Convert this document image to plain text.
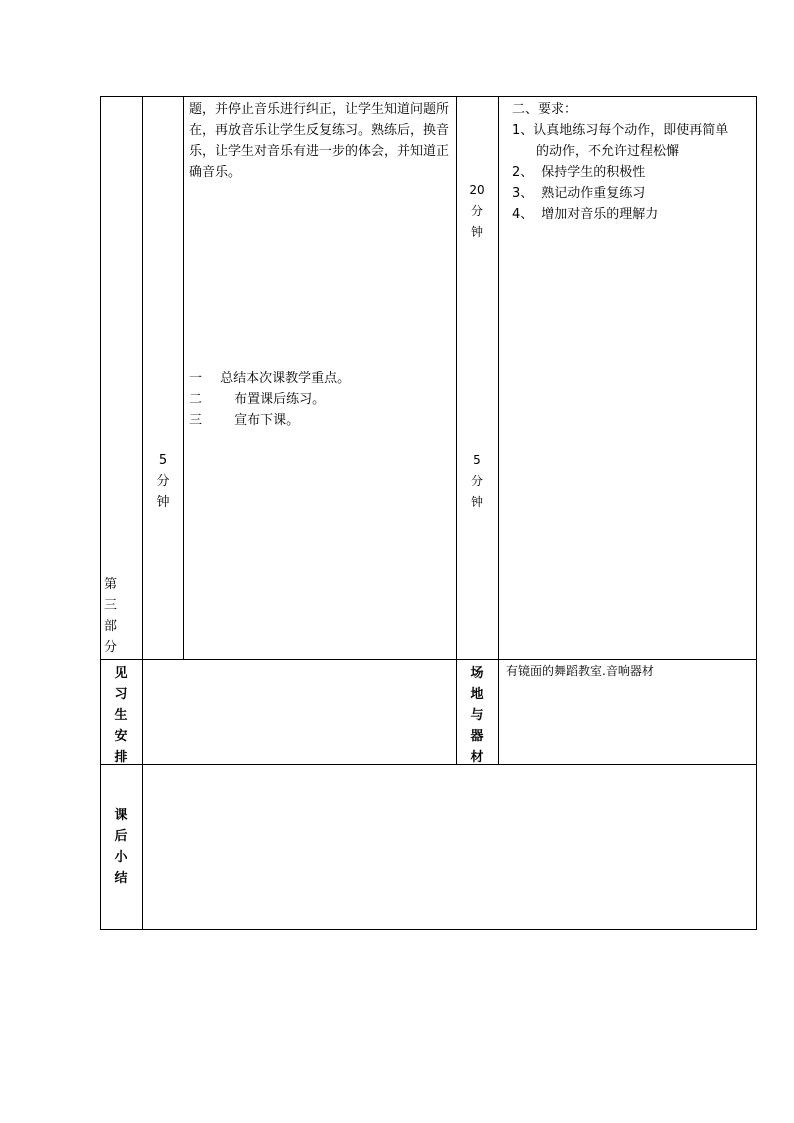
第
三
部
分
5
分
钟
题，并停止音乐进行纠正，让学生知道问题所在，再放音乐让学生反复练习。熟练后，换音乐，让学生对音乐有进一步的体会，并知道正确音乐。
一 总结本次课教学重点。
二 布置课后练习。
三 宣布下课。
20
分
钟
5
分
钟
二、要求：
1、认真地练习每个动作，即使再简单
的动作，不允许过程松懈
2、 保持学生的积极性
3、 熟记动作重复练习
4、 增加对音乐的理解力
见
习
生
安
排
场
地
与
器
材
有镜面的舞蹈教室.音响器材
课
后
小
结
